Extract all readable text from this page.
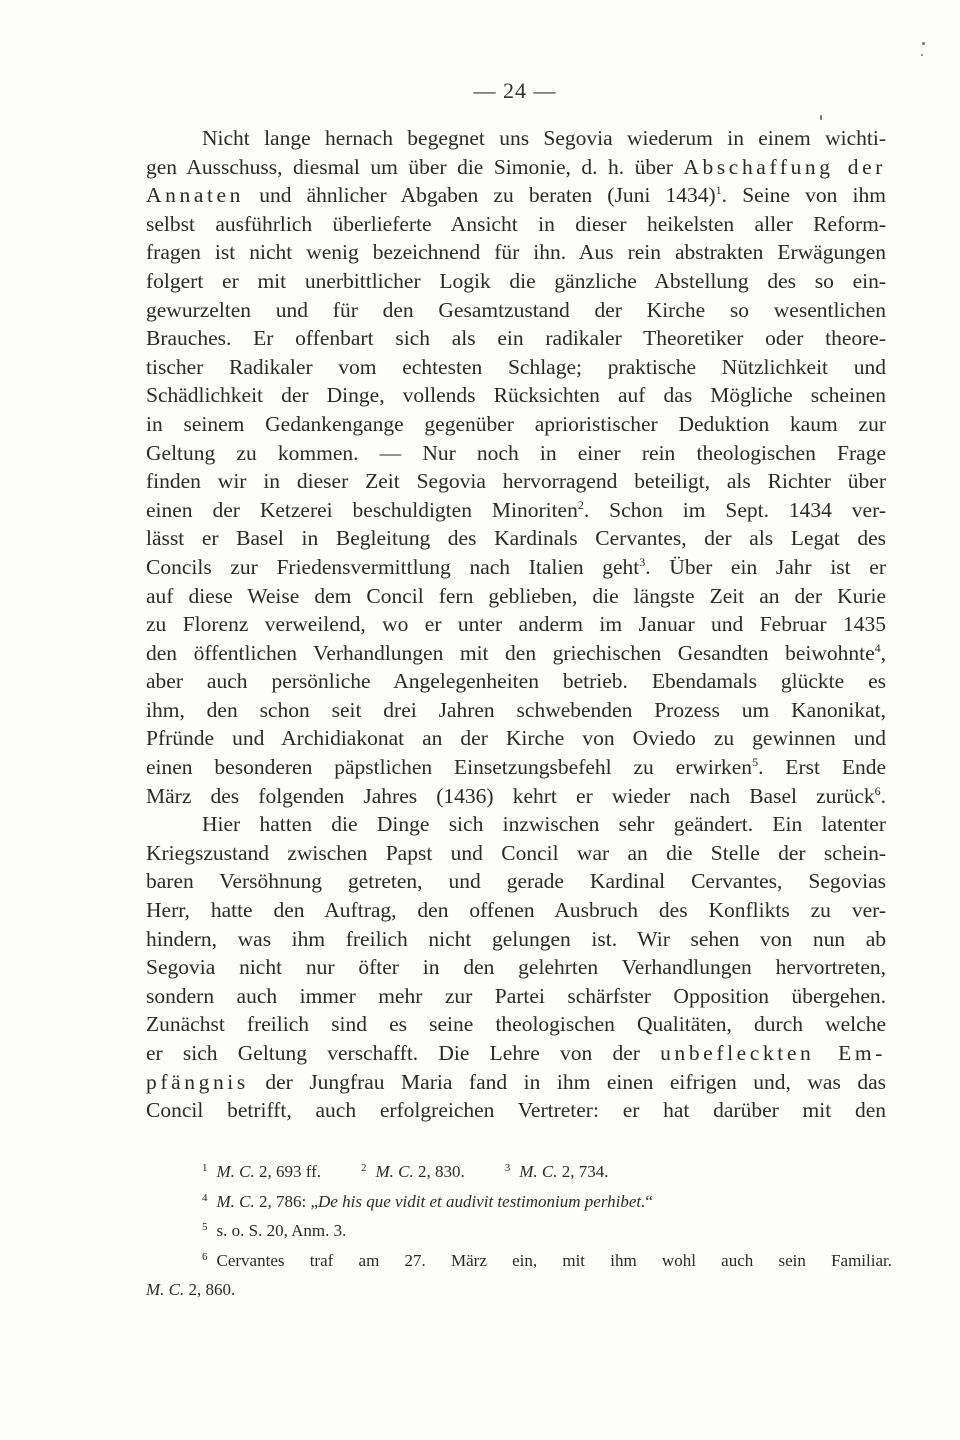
— 24 —
Nicht lange hernach begegnet uns Segovia wiederum in einem wichti-
gen Ausschuss, diesmal um über die Simonie, d. h. über Abschaffung der
Annaten und ähnlicher Abgaben zu beraten (Juni 1434)$^1$. Seine von ihm
selbst ausführlich überlieferte Ansicht in dieser heikelsten aller Reform-
fragen ist nicht wenig bezeichnend für ihn. Aus rein abstrakten Erwägungen
folgert er mit unerbittlicher Logik die gänzliche Abstellung des so ein-
gewurzelten und für den Gesamtzustand der Kirche so wesentlichen
Brauches. Er offenbart sich als ein radikaler Theoretiker oder theore-
tischer Radikaler vom echtesten Schlage; praktische Nützlichkeit und
Schädlichkeit der Dinge, vollends Rücksichten auf das Mögliche scheinen
in seinem Gedankengange gegenüber aprioristischer Deduktion kaum zur
Geltung zu kommen. — Nur noch in einer rein theologischen Frage
finden wir in dieser Zeit Segovia hervorragend beteiligt, als Richter über
einen der Ketzerei beschuldigten Minoriten$^2$. Schon im Sept. 1434 ver-
lässt er Basel in Begleitung des Kardinals Cervantes, der als Legat des
Concils zur Friedensvermittlung nach Italien geht$^3$. Über ein Jahr ist er
auf diese Weise dem Concil fern geblieben, die längste Zeit an der Kurie
zu Florenz verweilend, wo er unter anderm im Januar und Februar 1435
den öffentlichen Verhandlungen mit den griechischen Gesandten beiwohnte$^4$,
aber auch persönliche Angelegenheiten betrieb. Ebendamals glückte es
ihm, den schon seit drei Jahren schwebenden Prozess um Kanonikat,
Pfründe und Archidiakonat an der Kirche von Oviedo zu gewinnen und
einen besonderen päpstlichen Einsetzungsbefehl zu erwirken$^5$. Erst Ende
März des folgenden Jahres (1436) kehrt er wieder nach Basel zurück$^6$.
Hier hatten die Dinge sich inzwischen sehr geändert. Ein latenter
Kriegszustand zwischen Papst und Concil war an die Stelle der schein-
baren Versöhnung getreten, und gerade Kardinal Cervantes, Segovias
Herr, hatte den Auftrag, den offenen Ausbruch des Konflikts zu ver-
hindern, was ihm freilich nicht gelungen ist. Wir sehen von nun ab
Segovia nicht nur öfter in den gelehrten Verhandlungen hervortreten,
sondern auch immer mehr zur Partei schärfster Opposition übergehen.
Zunächst freilich sind es seine theologischen Qualitäten, durch welche
er sich Geltung verschafft. Die Lehre von der unbefleckten Em-
pfängnis der Jungfrau Maria fand in ihm einen eifrigen und, was das
Concil betrifft, auch erfolgreichen Vertreter: er hat darüber mit den
$^1$ M. C. 2, 693 ff.	$^2$ M. C. 2, 830.	$^3$ M. C. 2, 734.
$^4$ M. C. 2, 786: „De his que vidit et audivit testimonium perhibet.“
$^5$ s. o. S. 20, Anm. 3.
$^6$ Cervantes traf am 27. März ein, mit ihm wohl auch sein Familiar.
M. C. 2, 860.
